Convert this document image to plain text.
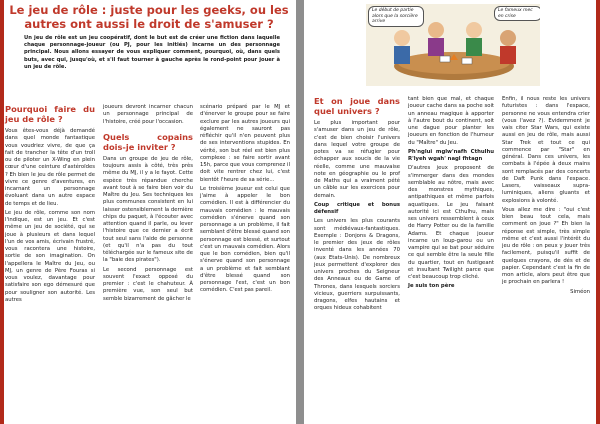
Le jeu de rôle : juste pour les geeks, ou les autres ont aussi le droit de s'amuser ?

Un jeu de rôle est un jeu coopératif, dont le but est de créer une fiction dans laquelle chaque personnage-joueur (ou PJ, pour les initiés) incarne un des personnage principal. Nous allons essayer de vous expliquer comment, pourquoi, où, dans quels buts, avec qui, jusqu'où, et s'il faut tourner à gauche après le rond-point pour jouer à un jeu de rôle.

Pourquoi faire du jeu de rôle ?

Vous êtes-vous déjà demandé dans quel monde fantastique vous voudriez vivre, de que ça fait de trancher la tête d'un troll ou de piloter un X-Wing en plein cœur d'une ceinture d'astéroïdes ? Eh bien le jeu de rôle permet de vivre ce genre d'aventures, en incarnant un personnage évoluant dans un autre espace de temps et de lieu.

Le jeu de rôle, comme son nom l'indique, est un jeu. Et c'est même un jeu de société, qui se joue à plusieurs et dans lequel l'un de vos amis, écrivain frustré, vous racontera une histoire, sortie de son imagination. On l'appellera le Maître du Jeu, ou MJ, un genre de Père Fouras si vous voulez, davantage pour satisfaire son ego démesuré que pour souligner son autorité. Les autres

joueurs devront incarner chacun un personnage principal de l'histoire, créé pour l'occasion.

Quels copains dois-je inviter ?

Dans un groupe de jeu de rôle, toujours assis à côté, très près même du MJ, il y a le fayot. Cette espèce très répandue cherche avant tout à se faire bien voir du Maître du Jeu. Ses techniques les plus communes consistent en lui laisser ostensiblement la dernière chips du paquet, à l'écouter avec attention quand il parle, ou lever l'histoire que ce dernier a écrit tout seul sans l'aide de personne (et qu'il n'a pas du tout téléchargée sur le fameux site de la "baie des pirates").

Le second personnage est souvent l'exact opposé du premier : c'est le chahuteur. À première vue, son seul but semble bizarrement de gâcher le

scénario préparé par le MJ et d'énerver le groupe pour se faire exclure par les autres joueurs qui également ne sauront pas réfléchir qu'il n'en peuvent plus de ses interventions stupides. En vérité, son but réel est bien plus complexe : se faire sortir avant 15h, parce que vous comprenez il doit vite rentrer chez lui, c'est bientôt l'heure de sa série...

Le troisième joueur est celui que j'aime à appeler le bon comédien. Il est à différencier du mauvais comédien : le mauvais comédien s'énerve quand son personnage a un problème, il fait semblant d'être blessé quand son personnage est blessé, et surtout c'est un mauvais comédien. Alors que le bon comédien, bien qu'il s'énerve quand son personnage a un problème et fait semblant d'être blessé quand son personnage l'est, c'est un bon comédien. C'est pas pareil.

Le début de partie alors que la sorcière arrive
Le fameux mec en crise
Et on joue dans quel univers ?

Le plus important pour s'amuser dans un jeu de rôle, c'est de bien choisir l'univers dans lequel votre groupe de potes va se réfugier pour échapper aux soucis de la vie réelle, comme une mauvaise note en géographie ou le prof de Maths qui a vraiment pété un câble sur les exercices pour demain.

Coup critique et bonus défensif

Les univers les plus courants sont médiévaux-fantastiques. Exemple : Donjons & Dragons, le premier des jeux de rôles inventé dans les années 70 (aux Etats-Unis). De nombreux jeux permettent d'explorer des univers proches du Seigneur des Anneaux ou de Game of Thrones, dans lesquels sorciers vicieux, guerriers surpuissants, dragons, elfes hautains et orques hideux cohabitent

tant bien que mal, et chaque joueur cache dans sa poche soit un anneau magique à apporter à l'autre bout du continent, soit une dague pour planter les joueurs en fonction de l'humeur du "Maître" du Jeu.

Ph'nglui mglw'nafh Cthulhu R'lyeh wgah' nagl fhtagn

D'autres jeux proposent de s'immerger dans des mondes semblable au nôtre, mais avec des monstres mythiques, antipathiques et même parfois aquatiques. Le jeu faisant autorité ici est Cthulhu, mais ses univers ressemblent à ceux de Harry Potter ou de la famille Adams. Et chaque joueur incarne un loup-garou ou un vampire qui se bat pour séduire ce qui semble être la seule fille du quartier, tout en fustigeant et insultant Twilight parce que c'est beaucoup trop cliché.

Je suis ton père

Enfin, il nous reste les univers futuristes : dans l'espace, personne ne vous entendra crier (vous l'avez ?). Evidemment je vais citer Star Wars, qui existe aussi en jeu de rôle, mais aussi Star Trek et tout ce qui commence par "Star" en général. Dans ces univers, les combats à l'épée à deux mains sont remplacés par des concerts de Daft Punk dans l'espace. Lasers, vaisseaux supra-luminiques, aliens gluants et explosions à volonté.

Vous allez me dire : "oui c'est bien beau tout cela, mais comment on joue ?" Eh bien la réponse est simple, très simple même et c'est aussi l'intérêt du jeu de rôle : on peux y jouer très facilement, puisqu'il suffit de quelques crayons, de dés et de papier. Cependant c'est la fin de mon article, alors peut être que je prochain en parlera !

Siméon
